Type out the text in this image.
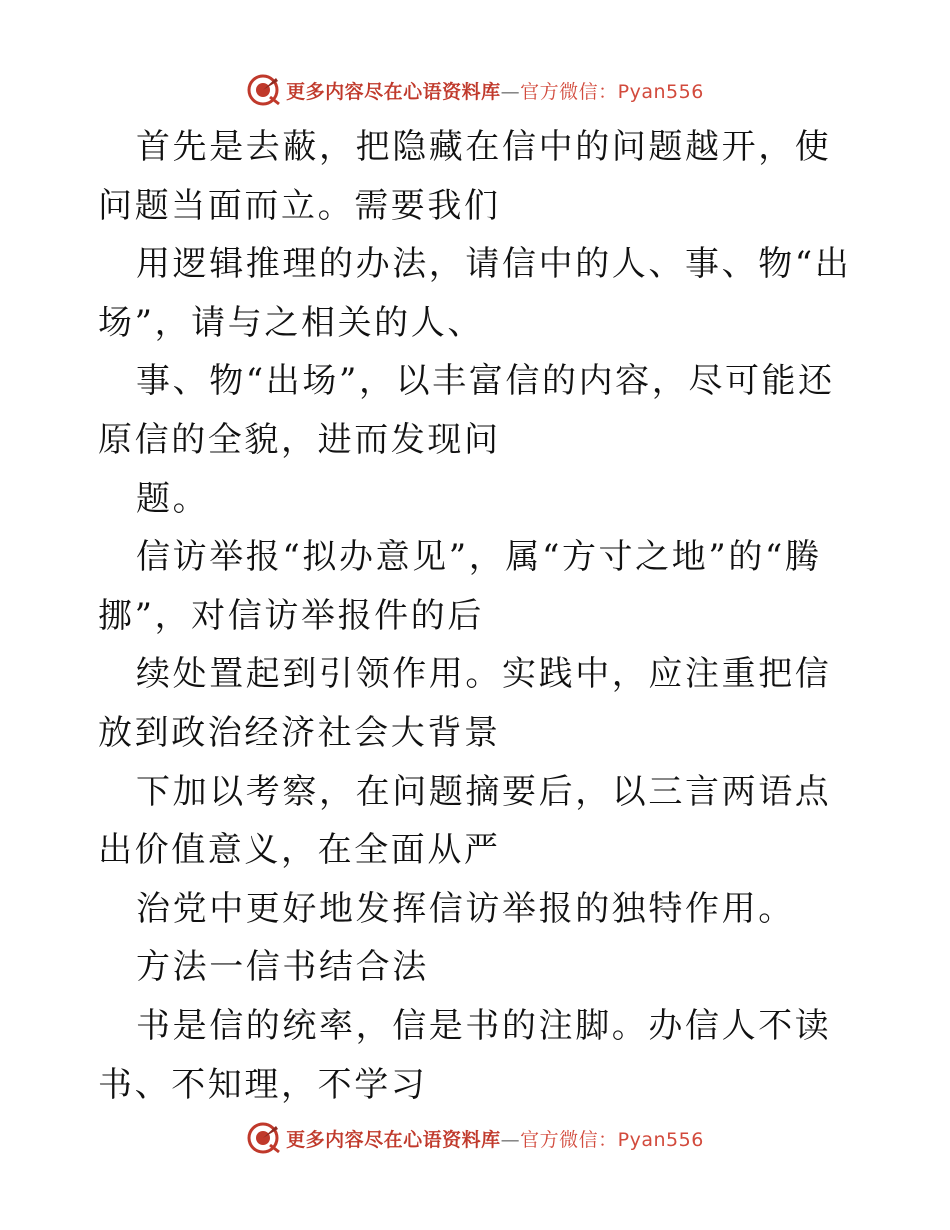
更多内容尽在心语资料库—官方微信：Pyan556

首先是去蔽，把隐藏在信中的问题越开，使问题当面而立。需要我们

用逻辑推理的办法，请信中的人、事、物“出场”，请与之相关的人、

事、物“出场”，以丰富信的内容，尽可能还原信的全貌，进而发现问

题。

信访举报“拟办意见”，属“方寸之地”的“腾挪”，对信访举报件的后

续处置起到引领作用。实践中，应注重把信放到政治经济社会大背景

下加以考察，在问题摘要后，以三言两语点出价值意义，在全面从严

治党中更好地发挥信访举报的独特作用。

方法一信书结合法

书是信的统率，信是书的注脚。办信人不读书、不知理，不学习

更多内容尽在心语资料库—官方微信：Pyan556
